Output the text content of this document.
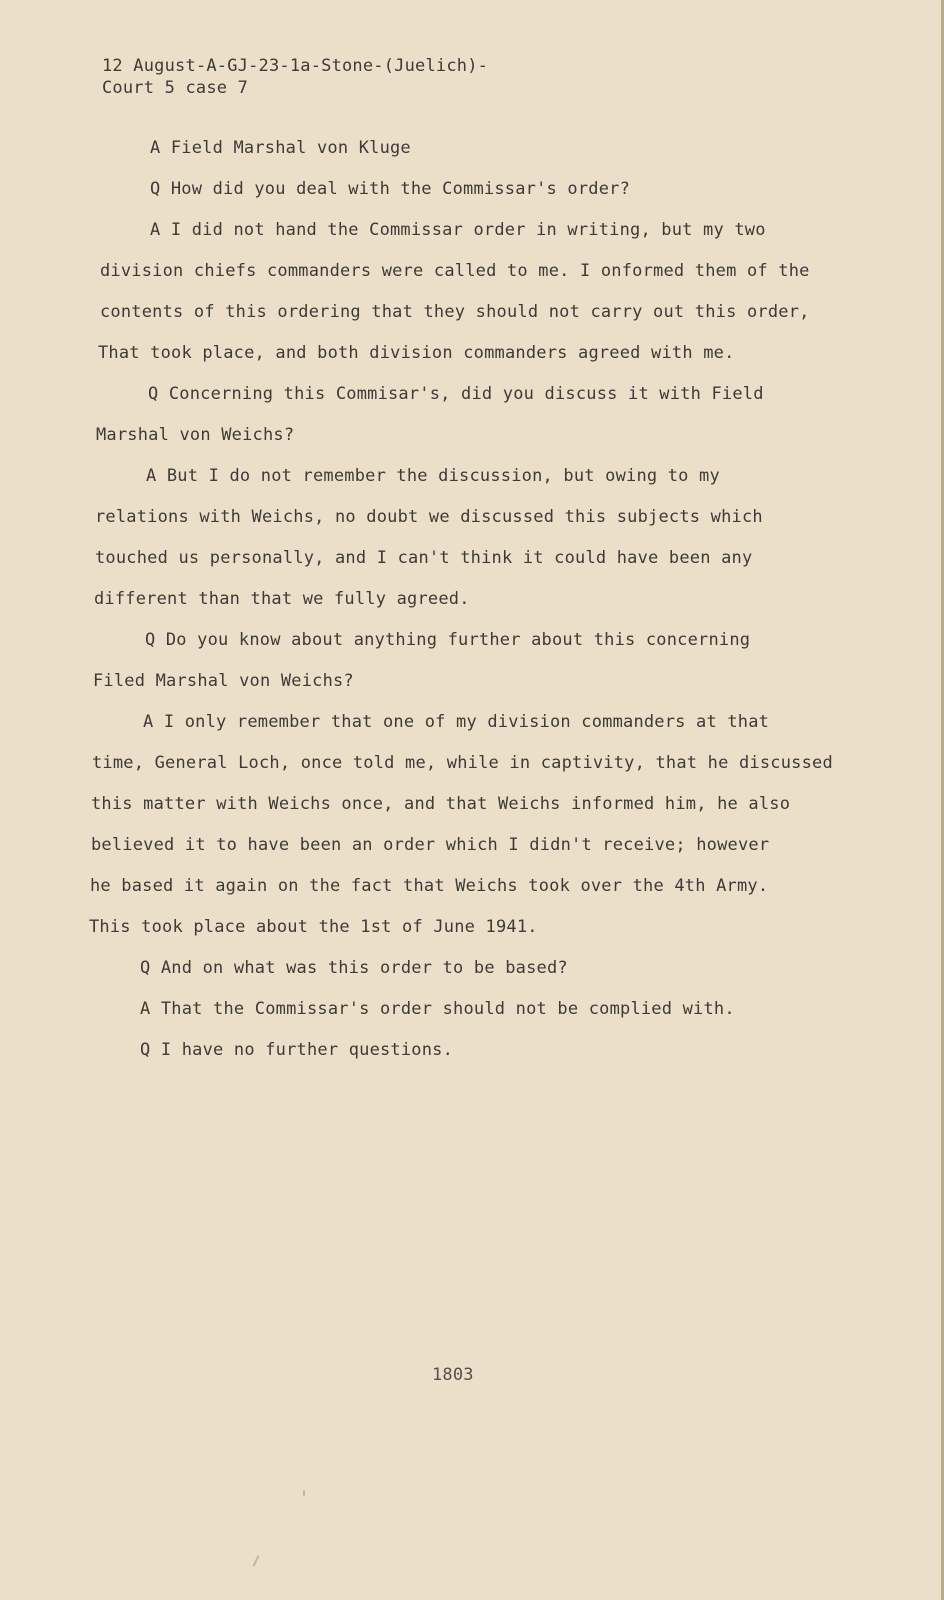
12 August-A-GJ-23-1a-Stone-(Juelich)-
Court 5 case 7
A Field Marshal von Kluge
Q How did you deal with the Commissar's order?
A I did not hand the Commissar order in writing, but my two
division chiefs commanders were called to me. I onformed them of the
contents of this ordering that they should not carry out this order,
That took place, and both division commanders agreed with me.
Q Concerning this Commisar's, did you discuss it with Field
Marshal von Weichs?
A But I do not remember the discussion, but owing to my
relations with Weichs, no doubt we discussed this subjects which
touched us personally, and I can't think it could have been any
different than that we fully agreed.
Q Do you know about anything further about this concerning
Filed Marshal von Weichs?
A I only remember that one of my division commanders at that
time, General Loch, once told me, while in captivity, that he discussed
this matter with Weichs once, and that Weichs informed him, he also
believed it to have been an order which I didn't receive; however
he based it again on the fact that Weichs took over the 4th Army.
This took place about the 1st of June 1941.
Q And on what was this order to be based?
A That the Commissar's order should not be complied with.
Q I have no further questions.
1803
